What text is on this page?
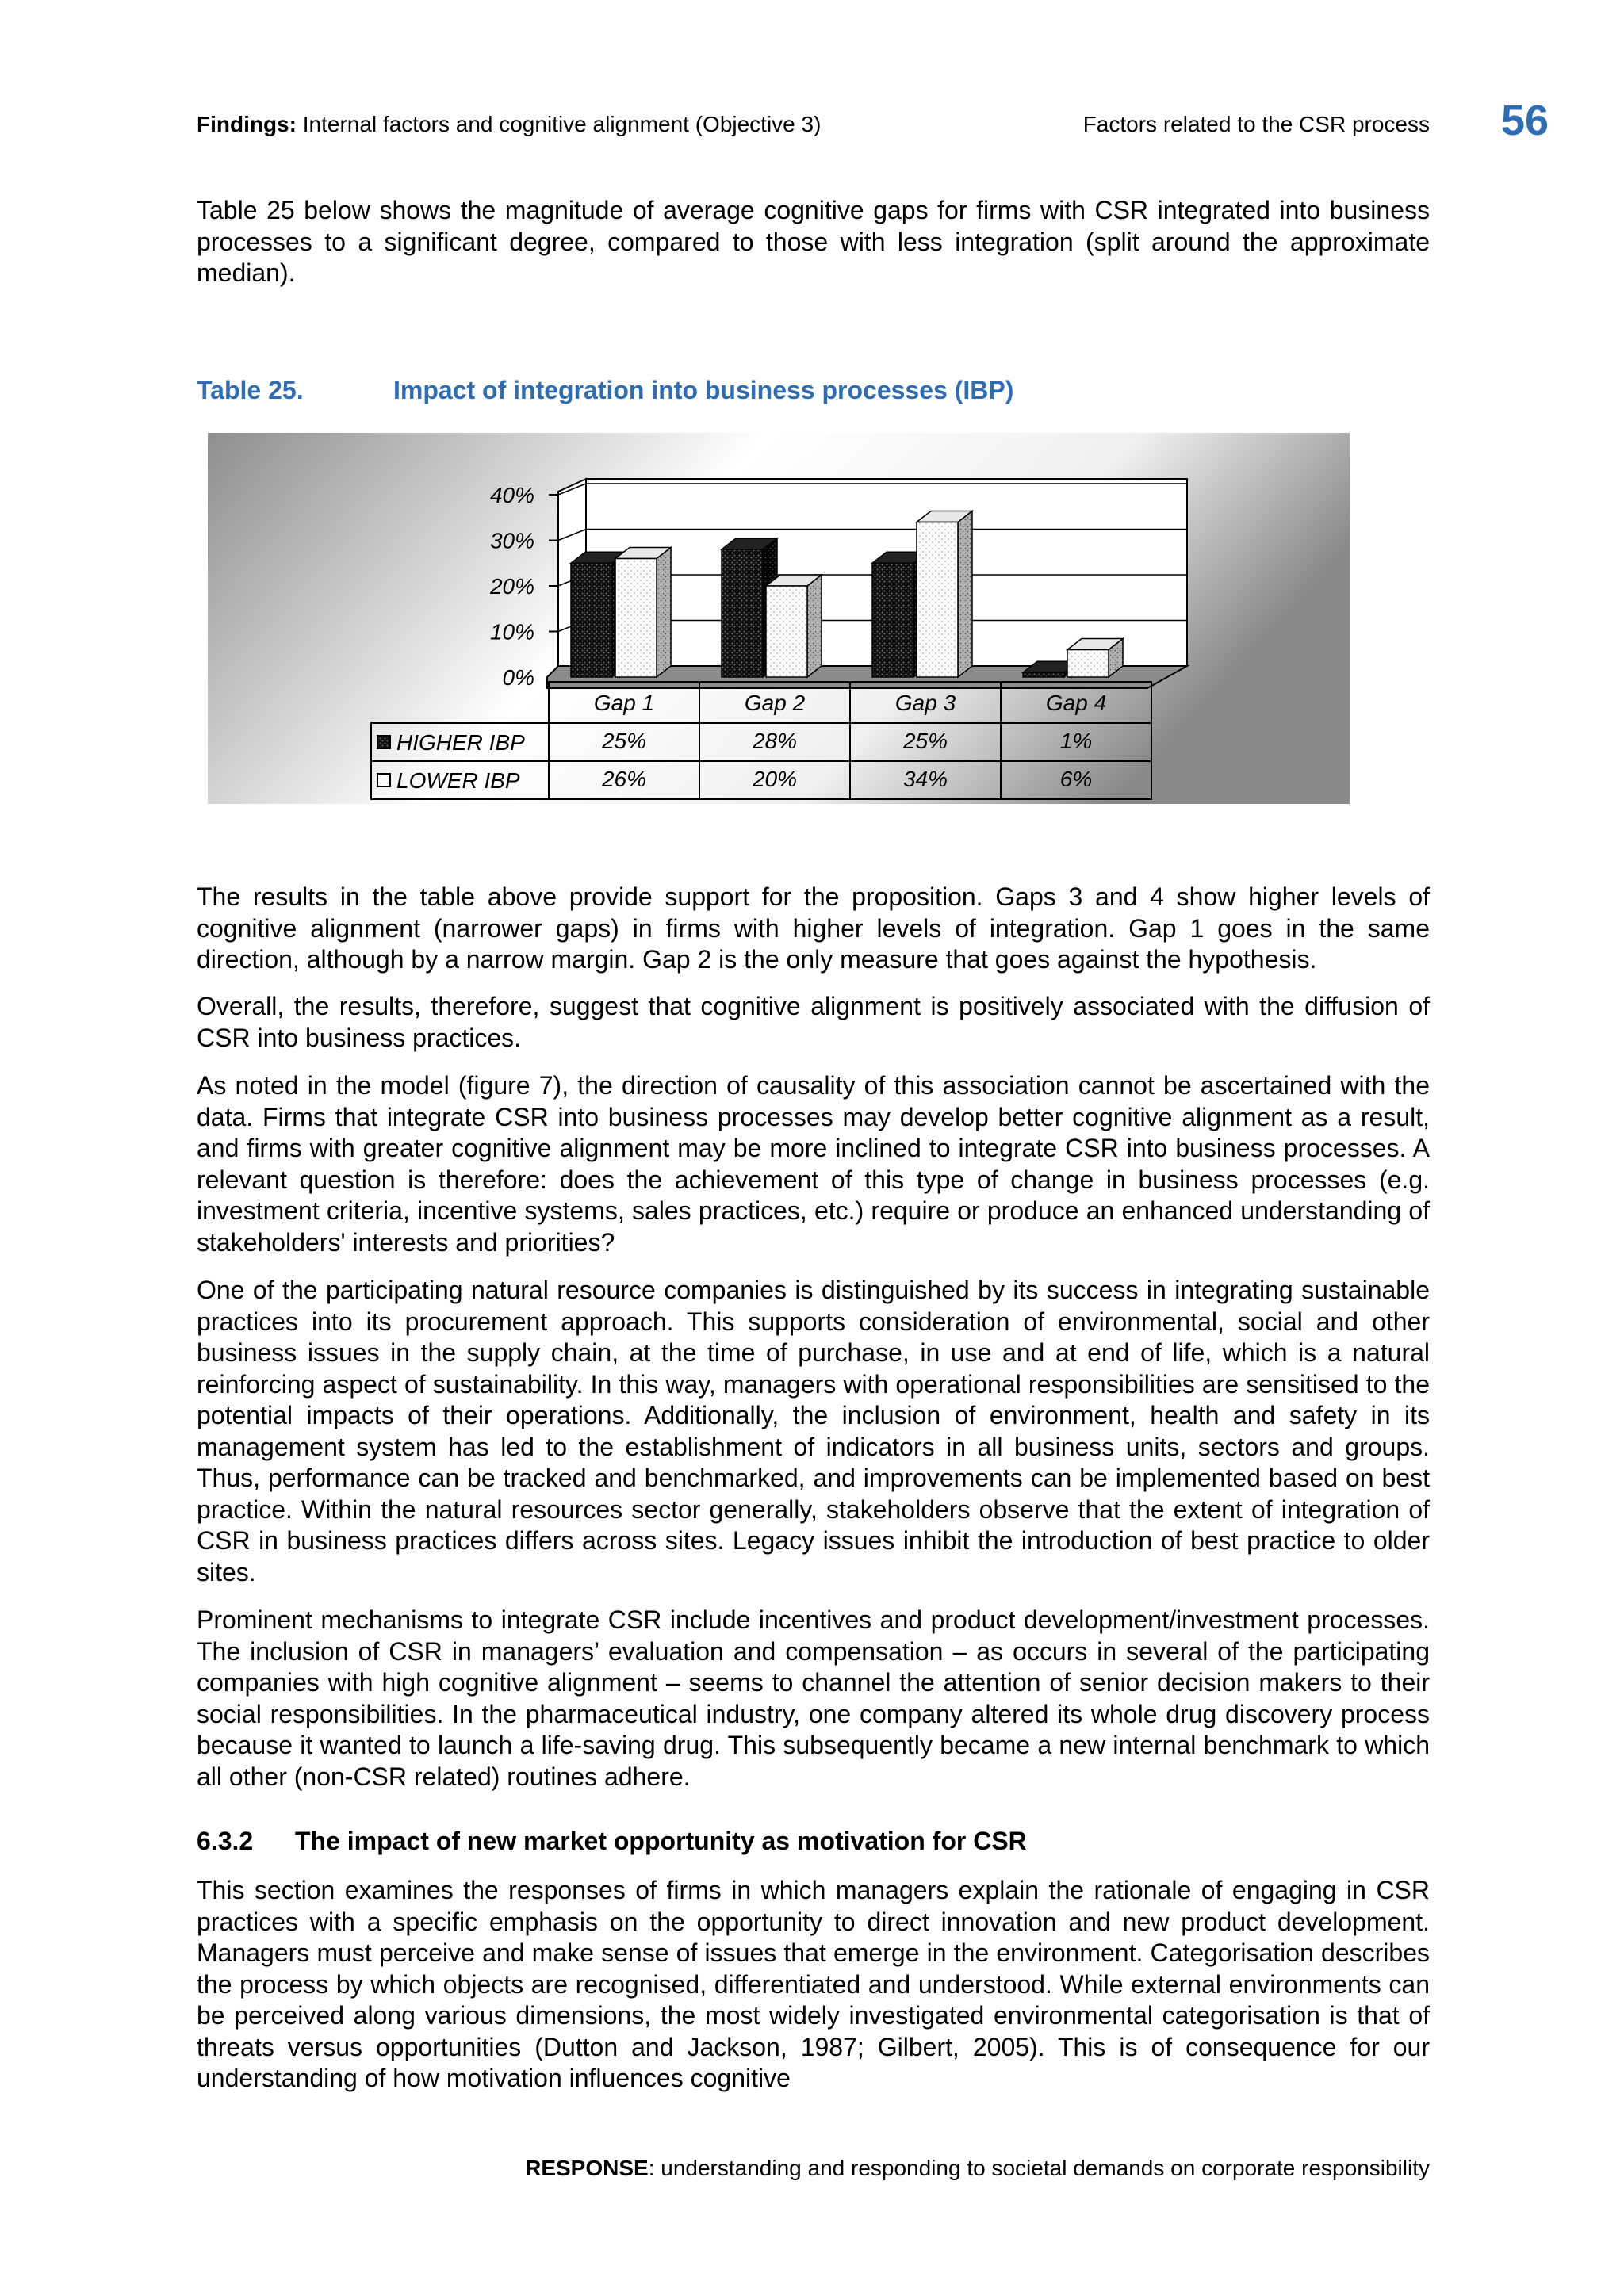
Findings: Internal factors and cognitive alignment (Objective 3)	Factors related to the CSR process 56

Table 25 below shows the magnitude of average cognitive gaps for firms with CSR integrated into business processes to a significant degree, compared to those with less integration (split around the approximate median).

Table 25.	Impact of integration into business processes (IBP)
0%
10%
20%
30%
40%
Gap 1	Gap 2	Gap 3	Gap 4
HIGHER IBP	25%	28%	25%	1%
LOWER IBP	26%	20%	34%	6%

The results in the table above provide support for the proposition. Gaps 3 and 4 show higher levels of cognitive alignment (narrower gaps) in firms with higher levels of integration. Gap 1 goes in the same direction, although by a narrow margin. Gap 2 is the only measure that goes against the hypothesis.

Overall, the results, therefore, suggest that cognitive alignment is positively associated with the diffusion of CSR into business practices.

As noted in the model (figure 7), the direction of causality of this association cannot be ascertained with the data. Firms that integrate CSR into business processes may develop better cognitive alignment as a result, and firms with greater cognitive alignment may be more inclined to integrate CSR into business processes. A relevant question is therefore: does the achievement of this type of change in business processes (e.g. investment criteria, incentive systems, sales practices, etc.) require or produce an enhanced understanding of stakeholders' interests and priorities?

One of the participating natural resource companies is distinguished by its success in integrating sustainable practices into its procurement approach. This supports consideration of environmental, social and other business issues in the supply chain, at the time of purchase, in use and at end of life, which is a natural reinforcing aspect of sustainability. In this way, managers with operational responsibilities are sensitised to the potential impacts of their operations. Additionally, the inclusion of environment, health and safety in its management system has led to the establishment of indicators in all business units, sectors and groups. Thus, performance can be tracked and benchmarked, and improvements can be implemented based on best practice. Within the natural resources sector generally, stakeholders observe that the extent of integration of CSR in business practices differs across sites. Legacy issues inhibit the introduction of best practice to older sites.

Prominent mechanisms to integrate CSR include incentives and product development/investment processes. The inclusion of CSR in managers’ evaluation and compensation – as occurs in several of the participating companies with high cognitive alignment – seems to channel the attention of senior decision makers to their social responsibilities. In the pharmaceutical industry, one company altered its whole drug discovery process because it wanted to launch a life-saving drug. This subsequently became a new internal benchmark to which all other (non-CSR related) routines adhere.

6.3.2 The impact of new market opportunity as motivation for CSR

This section examines the responses of firms in which managers explain the rationale of engaging in CSR practices with a specific emphasis on the opportunity to direct innovation and new product development. Managers must perceive and make sense of issues that emerge in the environment. Categorisation describes the process by which objects are recognised, differentiated and understood. While external environments can be perceived along various dimensions, the most widely investigated environmental categorisation is that of threats versus opportunities (Dutton and Jackson, 1987; Gilbert, 2005). This is of consequence for our understanding of how motivation influences cognitive

RESPONSE: understanding and responding to societal demands on corporate responsibility
